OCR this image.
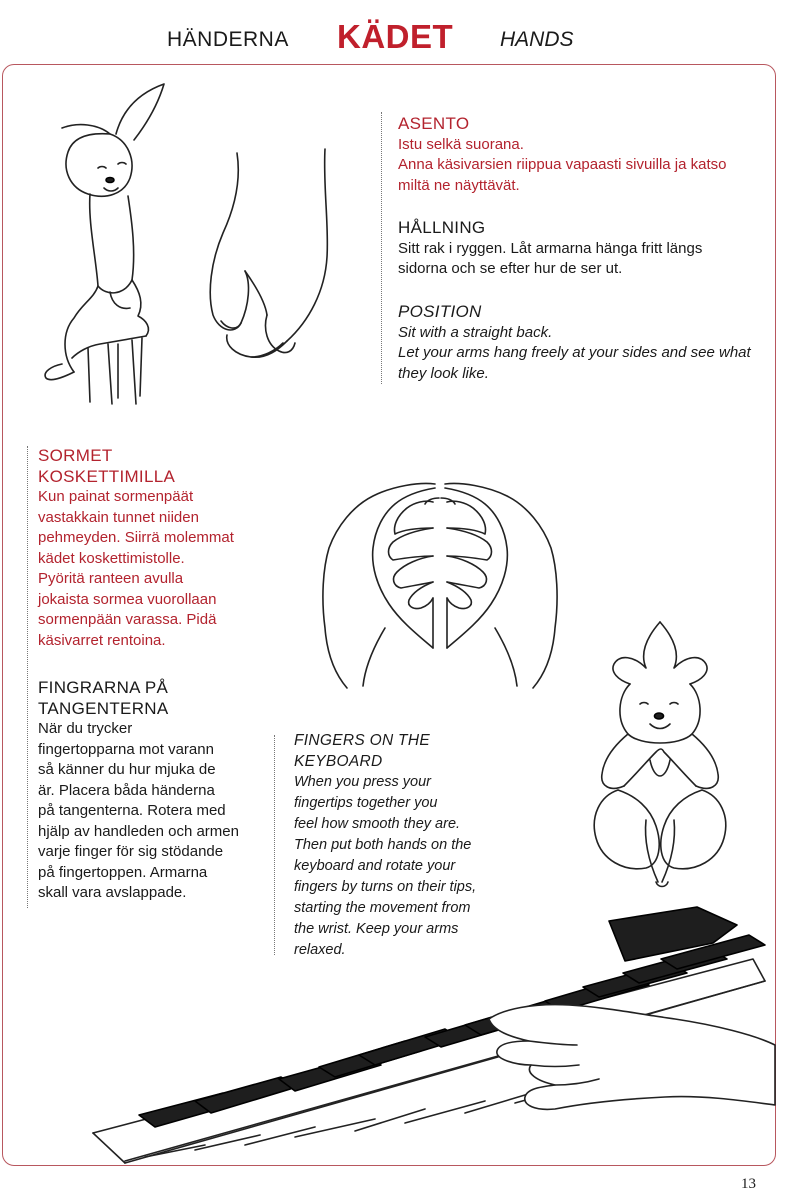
HÄNDERNA KÄDET HANDS
ASENTO
Istu selkä suorana.
Anna käsivarsien riippua vapaasti sivuilla ja katso
miltä ne näyttävät.
HÅLLNING
Sitt rak i ryggen. Låt armarna hänga fritt längs
sidorna och se efter hur de ser ut.
POSITION
Sit with a straight back.
Let your arms hang freely at your sides and see what
they look like.
SORMET
KOSKETTIMILLA
Kun painat sormenpäät
vastakkain tunnet niiden
pehmeyden. Siirrä molemmat
kädet koskettimistolle.
Pyöritä ranteen avulla
jokaista sormea vuorollaan
sormenpään varassa. Pidä
käsivarret rentoina.
FINGRARNA PÅ
TANGENTERNA
När du trycker
fingertopparna mot varann
så känner du hur mjuka de
är. Placera båda händerna
på tangenterna. Rotera med
hjälp av handleden och armen
varje finger för sig stödande
på fingertoppen. Armarna
skall vara avslappade.
FINGERS ON THE
KEYBOARD
When you press your
fingertips together you
feel how smooth they are.
Then put both hands on the
keyboard and rotate your
fingers by turns on their tips,
starting the movement from
the wrist. Keep your arms
relaxed.
13
